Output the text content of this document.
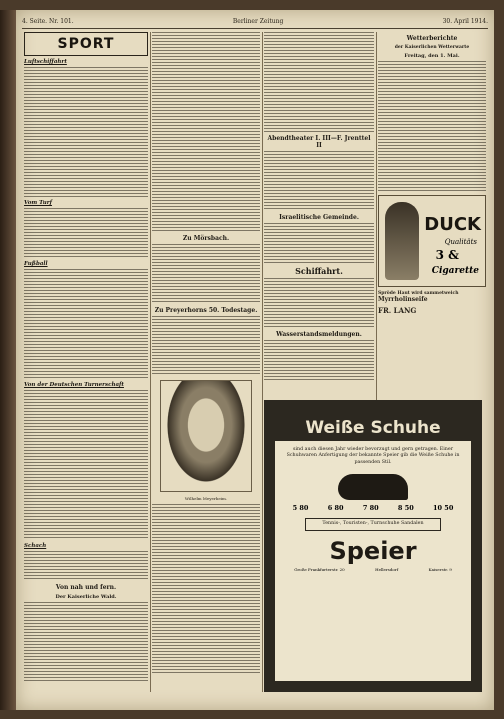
4. Seite. Nr. 101.	Berliner Zeitung	30. April 1914.
SPORT
Luftschiffahrt
Vom Turf
Fußball
Von der Deutschen Turnerschaft
Schach
Von nah und fern.
Der Kaiserliche Wald.
Zu Mörsbach.
Zu Preyerhorns 50. Todestage.
Wilhelm Meyerheim.
Abendtheater I. III—F. Jrenttel II
Israelitische Gemeinde.
Schiffahrt.
Wasserstandsmeldungen.
Wetterberichte
der Kaiserlichen Wetterwarte
Freitag, den 1. Mai.
DUCK
Qualitäts
3 &
Cigarette
Spröde Haut wird sammetweich
Myrrholinseife
FR. LANG
Weiße Schuhe
sind auch diesen Jahr wieder bevorzugt und gern getragen. Einer Schuhwaren Anfertigung der bekannte Speier gib die Weiße Schuhe in passenden Stil.
5 80	6 80	7 80	8 50	10 50
Tennis-, Touristen-, Turnschuhe Sandalen
Speier
Große Frankfurterstr. 20	Hellersdorf	Kaiserstr. 9
